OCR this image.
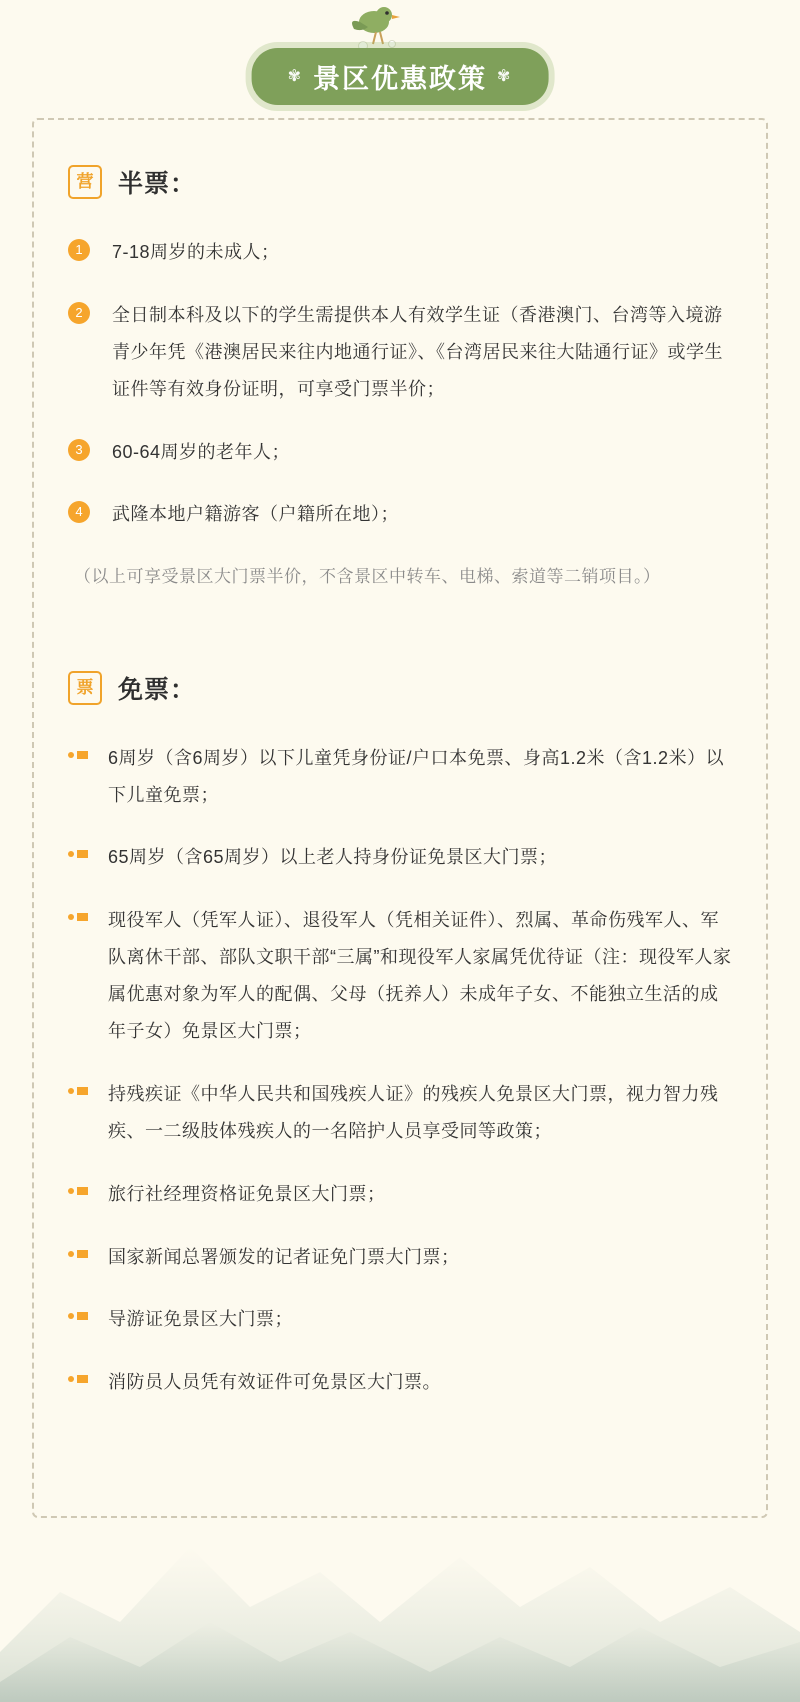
✾ 景区优惠政策 ✾
营 半票：
1	7-18周岁的未成人；
2	全日制本科及以下的学生需提供本人有效学生证（香港澳门、台湾等入境游青少年凭《港澳居民来往内地通行证》、《台湾居民来往大陆通行证》或学生证件等有效身份证明，可享受门票半价；
3	60-64周岁的老年人；
4	武隆本地户籍游客（户籍所在地）；
（以上可享受景区大门票半价，不含景区中转车、电梯、索道等二销项目。）
票 免票：
6周岁（含6周岁）以下儿童凭身份证/户口本免票、身高1.2米（含1.2米）以下儿童免票；
65周岁（含65周岁）以上老人持身份证免景区大门票；
现役军人（凭军人证）、退役军人（凭相关证件）、烈属、革命伤残军人、军队离休干部、部队文职干部“三属”和现役军人家属凭优待证（注：现役军人家属优惠对象为军人的配偶、父母（抚养人）未成年子女、不能独立生活的成年子女）免景区大门票；
持残疾证《中华人民共和国残疾人证》的残疾人免景区大门票，视力智力残疾、一二级肢体残疾人的一名陪护人员享受同等政策；
旅行社经理资格证免景区大门票；
国家新闻总署颁发的记者证免门票大门票；
导游证免景区大门票；
消防员人员凭有效证件可免景区大门票。
